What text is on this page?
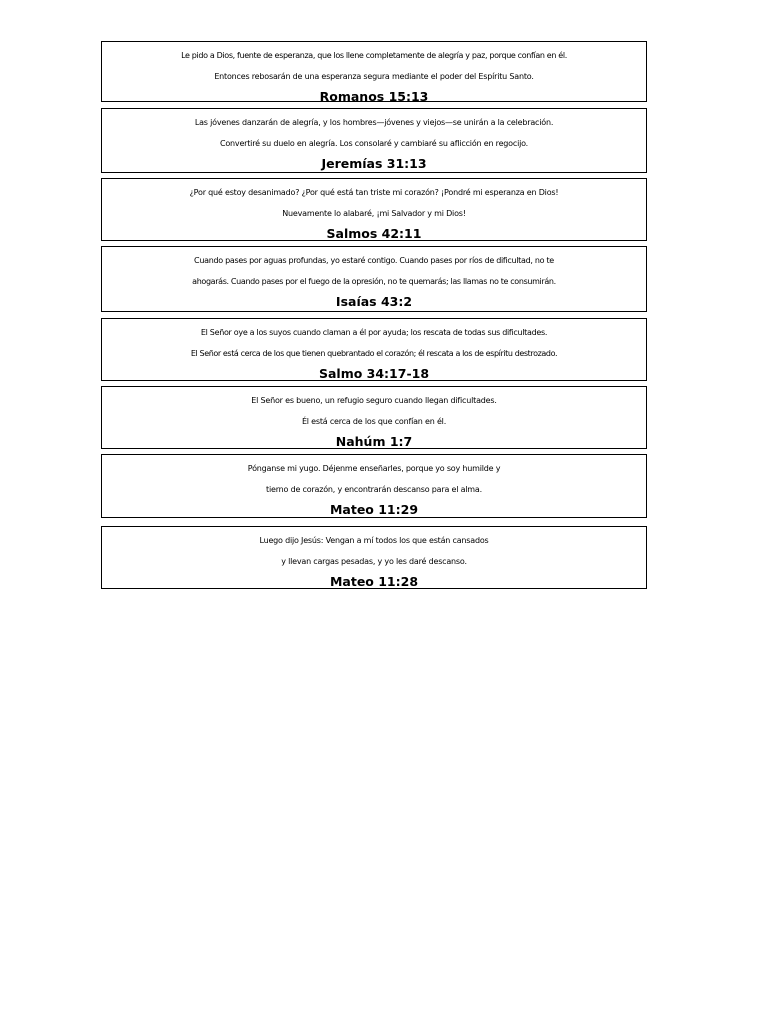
Le pido a Dios, fuente de esperanza, que los llene completamente de alegría y paz, porque confían en él.
Entonces rebosarán de una esperanza segura mediante el poder del Espíritu Santo.
Romanos 15:13
Las jóvenes danzarán de alegría, y los hombres—jóvenes y viejos—se unirán a la celebración.
Convertiré su duelo en alegría. Los consolaré y cambiaré su aflicción en regocijo.
Jeremías 31:13
¿Por qué estoy desanimado? ¿Por qué está tan triste mi corazón? ¡Pondré mi esperanza en Dios!
Nuevamente lo alabaré, ¡mi Salvador y mi Dios!
Salmos 42:11
Cuando pases por aguas profundas, yo estaré contigo. Cuando pases por ríos de dificultad, no te
ahogarás. Cuando pases por el fuego de la opresión, no te quemarás; las llamas no te consumirán.
Isaías 43:2
El Señor oye a los suyos cuando claman a él por ayuda; los rescata de todas sus dificultades.
El Señor está cerca de los que tienen quebrantado el corazón; él rescata a los de espíritu destrozado.
Salmo 34:17-18
El Señor es bueno, un refugio seguro cuando llegan dificultades.
Él está cerca de los que confían en él.
Nahúm 1:7
Pónganse mi yugo. Déjenme enseñarles, porque yo soy humilde y
tierno de corazón, y encontrarán descanso para el alma.
Mateo 11:29
Luego dijo Jesús: Vengan a mí todos los que están cansados
y llevan cargas pesadas, y yo les daré descanso.
Mateo 11:28
